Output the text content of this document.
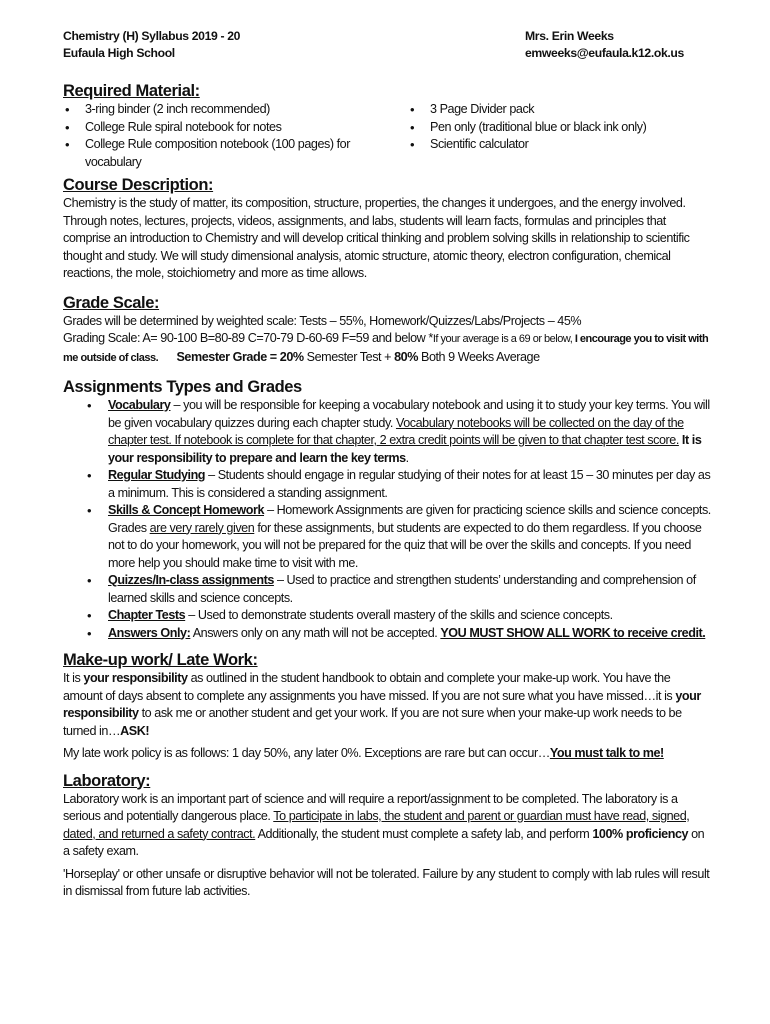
Chemistry (H) Syllabus 2019 - 20
Eufaula High School
Mrs. Erin Weeks
emweeks@eufaula.k12.ok.us
Required Material:
• 3-ring binder (2 inch recommended)
• College Rule spiral notebook for notes
• College Rule composition notebook (100 pages) for vocabulary
• 3 Page Divider pack
• Pen only (traditional blue or black ink only)
• Scientific calculator
Course Description:

Chemistry is the study of matter, its composition, structure, properties, the changes it undergoes, and the energy involved. Through notes, lectures, projects, videos, assignments, and labs, students will learn facts, formulas and principles that comprise an introduction to Chemistry and will develop critical thinking and problem solving skills in relationship to scientific thought and study. We will study dimensional analysis, atomic structure, atomic theory, electron configuration, chemical reactions, the mole, stoichiometry and more as time allows.

Grade Scale:

Grades will be determined by weighted scale: Tests – 55%, Homework/Quizzes/Labs/Projects – 45%

Grading Scale: A= 90-100 B=80-89 C=70-79 D-60-69 F=59 and below *If your average is a 69 or below, I encourage you to visit with me outside of class. Semester Grade = 20% Semester Test + 80% Both 9 Weeks Average

Assignments Types and Grades
• Vocabulary – you will be responsible for keeping a vocabulary notebook and using it to study your key terms. You will be given vocabulary quizzes during each chapter study. Vocabulary notebooks will be collected on the day of the chapter test. If notebook is complete for that chapter, 2 extra credit points will be given to that chapter test score. It is your responsibility to prepare and learn the key terms.
• Regular Studying – Students should engage in regular studying of their notes for at least 15 – 30 minutes per day as a minimum. This is considered a standing assignment.
• Skills & Concept Homework – Homework Assignments are given for practicing science skills and science concepts. Grades are very rarely given for these assignments, but students are expected to do them regardless. If you choose not to do your homework, you will not be prepared for the quiz that will be over the skills and concepts. If you need more help you should make time to visit with me.
• Quizzes/In-class assignments – Used to practice and strengthen students’ understanding and comprehension of learned skills and science concepts.
• Chapter Tests – Used to demonstrate students overall mastery of the skills and science concepts.
• Answers Only: Answers only on any math will not be accepted. YOU MUST SHOW ALL WORK to receive credit.
Make-up work/ Late Work:

It is your responsibility as outlined in the student handbook to obtain and complete your make-up work. You have the amount of days absent to complete any assignments you have missed. If you are not sure what you have missed…it is your responsibility to ask me or another student and get your work. If you are not sure when your make-up work needs to be turned in…ASK!

My late work policy is as follows: 1 day 50%, any later 0%. Exceptions are rare but can occur…You must talk to me!

Laboratory:

Laboratory work is an important part of science and will require a report/assignment to be completed. The laboratory is a serious and potentially dangerous place. To participate in labs, the student and parent or guardian must have read, signed, dated, and returned a safety contract. Additionally, the student must complete a safety lab, and perform 100% proficiency on a safety exam.

'Horseplay' or other unsafe or disruptive behavior will not be tolerated. Failure by any student to comply with lab rules will result in dismissal from future lab activities.
